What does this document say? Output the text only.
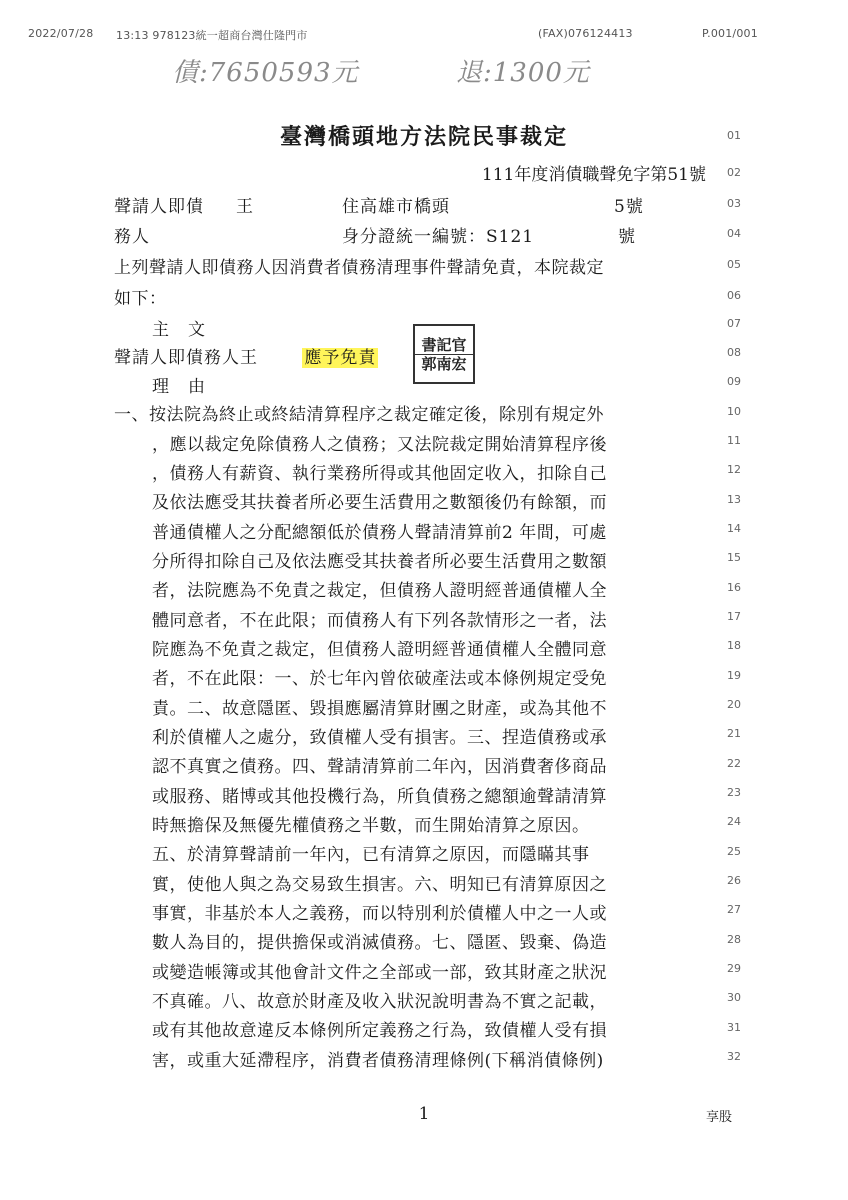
2022/07/28 13:13 978123統一超商台灣仕隆門市	(FAX)076124413	P.001/001
債:7650593元	退:1300元
臺灣橋頭地方法院民事裁定
111年度消債職聲免字第51號
聲請人即債 王	住高雄市橋頭	5號
務人	身分證統一編號：S121	號
上列聲請人即債務人因消費者債務清理事件聲請免責，本院裁定
如下：
主　文
聲請人即債務人王	應予免責
書記官
郭南宏
理　由
一、按法院為終止或終結清算程序之裁定確定後，除別有規定外
，應以裁定免除債務人之債務；又法院裁定開始清算程序後
，債務人有薪資、執行業務所得或其他固定收入，扣除自己
及依法應受其扶養者所必要生活費用之數額後仍有餘額，而
普通債權人之分配總額低於債務人聲請清算前2 年間，可處
分所得扣除自己及依法應受其扶養者所必要生活費用之數額
者，法院應為不免責之裁定，但債務人證明經普通債權人全
體同意者，不在此限；而債務人有下列各款情形之一者，法
院應為不免責之裁定，但債務人證明經普通債權人全體同意
者，不在此限：一、於七年內曾依破產法或本條例規定受免
責。二、故意隱匿、毀損應屬清算財團之財產，或為其他不
利於債權人之處分，致債權人受有損害。三、捏造債務或承
認不真實之債務。四、聲請清算前二年內，因消費奢侈商品
或服務、賭博或其他投機行為，所負債務之總額逾聲請清算
時無擔保及無優先權債務之半數，而生開始清算之原因。
五、於清算聲請前一年內，已有清算之原因，而隱瞞其事
實，使他人與之為交易致生損害。六、明知已有清算原因之
事實，非基於本人之義務，而以特別利於債權人中之一人或
數人為目的，提供擔保或消滅債務。七、隱匿、毀棄、偽造
或變造帳簿或其他會計文件之全部或一部，致其財產之狀況
不真確。八、故意於財產及收入狀況說明書為不實之記載，
或有其他故意違反本條例所定義務之行為，致債權人受有損
害，或重大延滯程序，消費者債務清理條例(下稱消債條例)
01
02
03
04
05
06
07
08
09
10
11
12
13
14
15
16
17
18
19
20
21
22
23
24
25
26
27
28
29
30
31
32
1	享股
